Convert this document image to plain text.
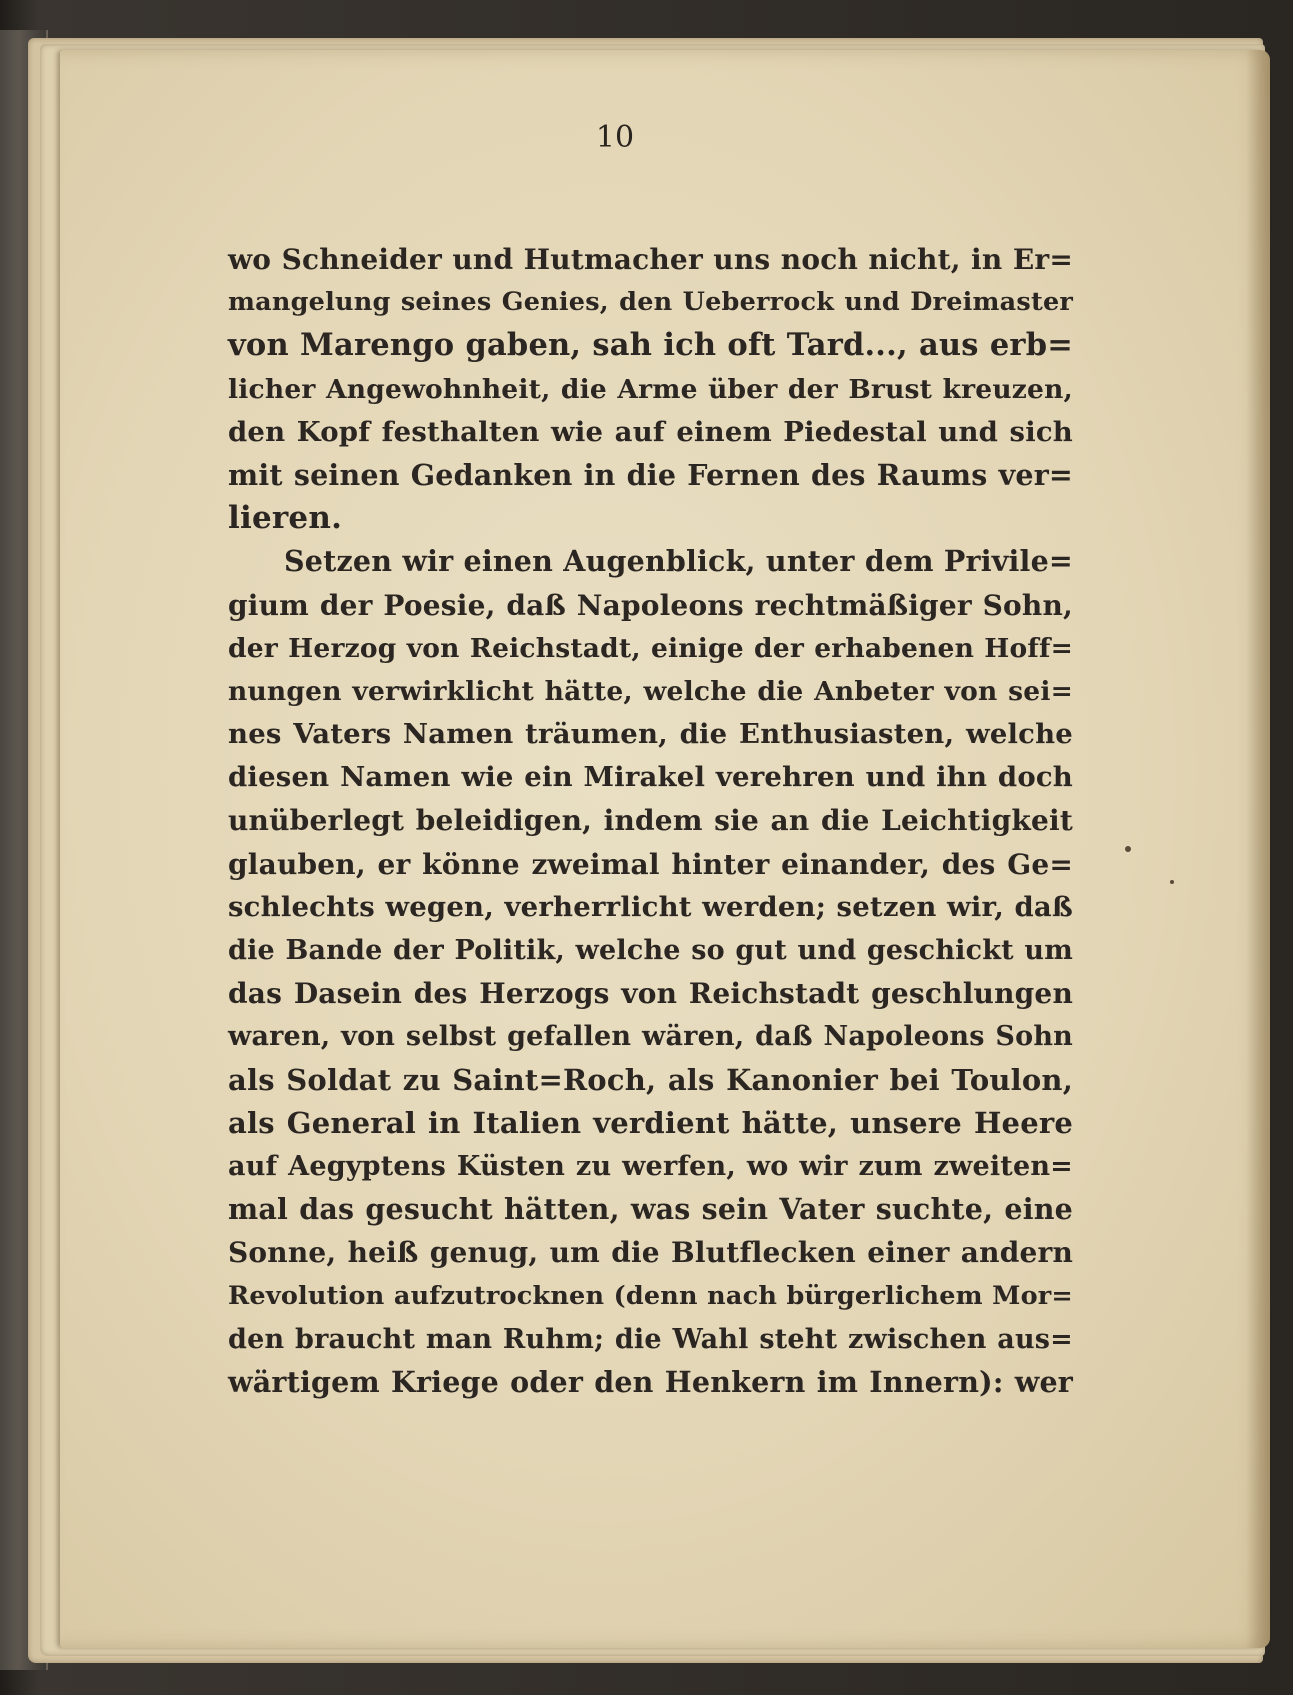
10
wo Schneider und Hutmacher uns noch nicht, in Er=
mangelung seines Genies, den Ueberrock und Dreimaster
von Marengo gaben, sah ich oft Tard..., aus erb=
licher Angewohnheit, die Arme über der Brust kreuzen,
den Kopf festhalten wie auf einem Piedestal und sich
mit seinen Gedanken in die Fernen des Raums ver=
lieren.
Setzen wir einen Augenblick, unter dem Privile=
gium der Poesie, daß Napoleons rechtmäßiger Sohn,
der Herzog von Reichstadt, einige der erhabenen Hoff=
nungen verwirklicht hätte, welche die Anbeter von sei=
nes Vaters Namen träumen, die Enthusiasten, welche
diesen Namen wie ein Mirakel verehren und ihn doch
unüberlegt beleidigen, indem sie an die Leichtigkeit
glauben, er könne zweimal hinter einander, des Ge=
schlechts wegen, verherrlicht werden; setzen wir, daß
die Bande der Politik, welche so gut und geschickt um
das Dasein des Herzogs von Reichstadt geschlungen
waren, von selbst gefallen wären, daß Napoleons Sohn
als Soldat zu Saint=Roch, als Kanonier bei Toulon,
als General in Italien verdient hätte, unsere Heere
auf Aegyptens Küsten zu werfen, wo wir zum zweiten=
mal das gesucht hätten, was sein Vater suchte, eine
Sonne, heiß genug, um die Blutflecken einer andern
Revolution aufzutrocknen (denn nach bürgerlichem Mor=
den braucht man Ruhm; die Wahl steht zwischen aus=
wärtigem Kriege oder den Henkern im Innern): wer
